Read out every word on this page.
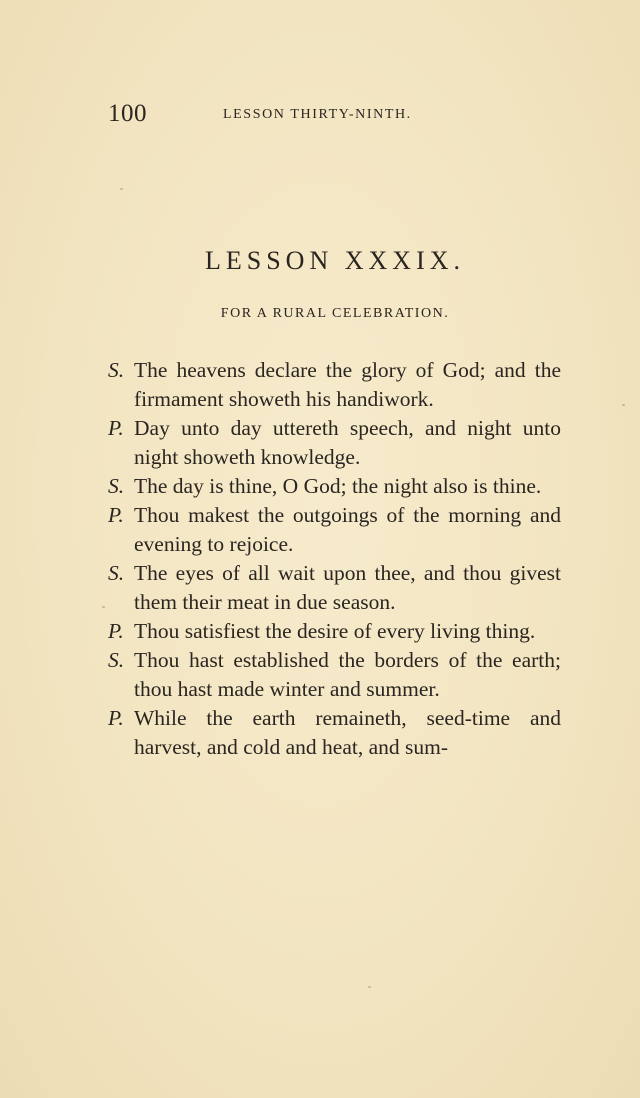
100	LESSON THIRTY-NINTH.
LESSON XXXIX.
FOR A RURAL CELEBRATION.
S. The heavens declare the glory of God; and the firmament showeth his handiwork.
P. Day unto day uttereth speech, and night unto night showeth knowledge.
S. The day is thine, O God; the night also is thine.
P. Thou makest the outgoings of the morning and evening to rejoice.
S. The eyes of all wait upon thee, and thou givest them their meat in due season.
P. Thou satisfiest the desire of every living thing.
S. Thou hast established the borders of the earth; thou hast made winter and summer.
P. While the earth remaineth, seed-time and harvest, and cold and heat, and sum-
